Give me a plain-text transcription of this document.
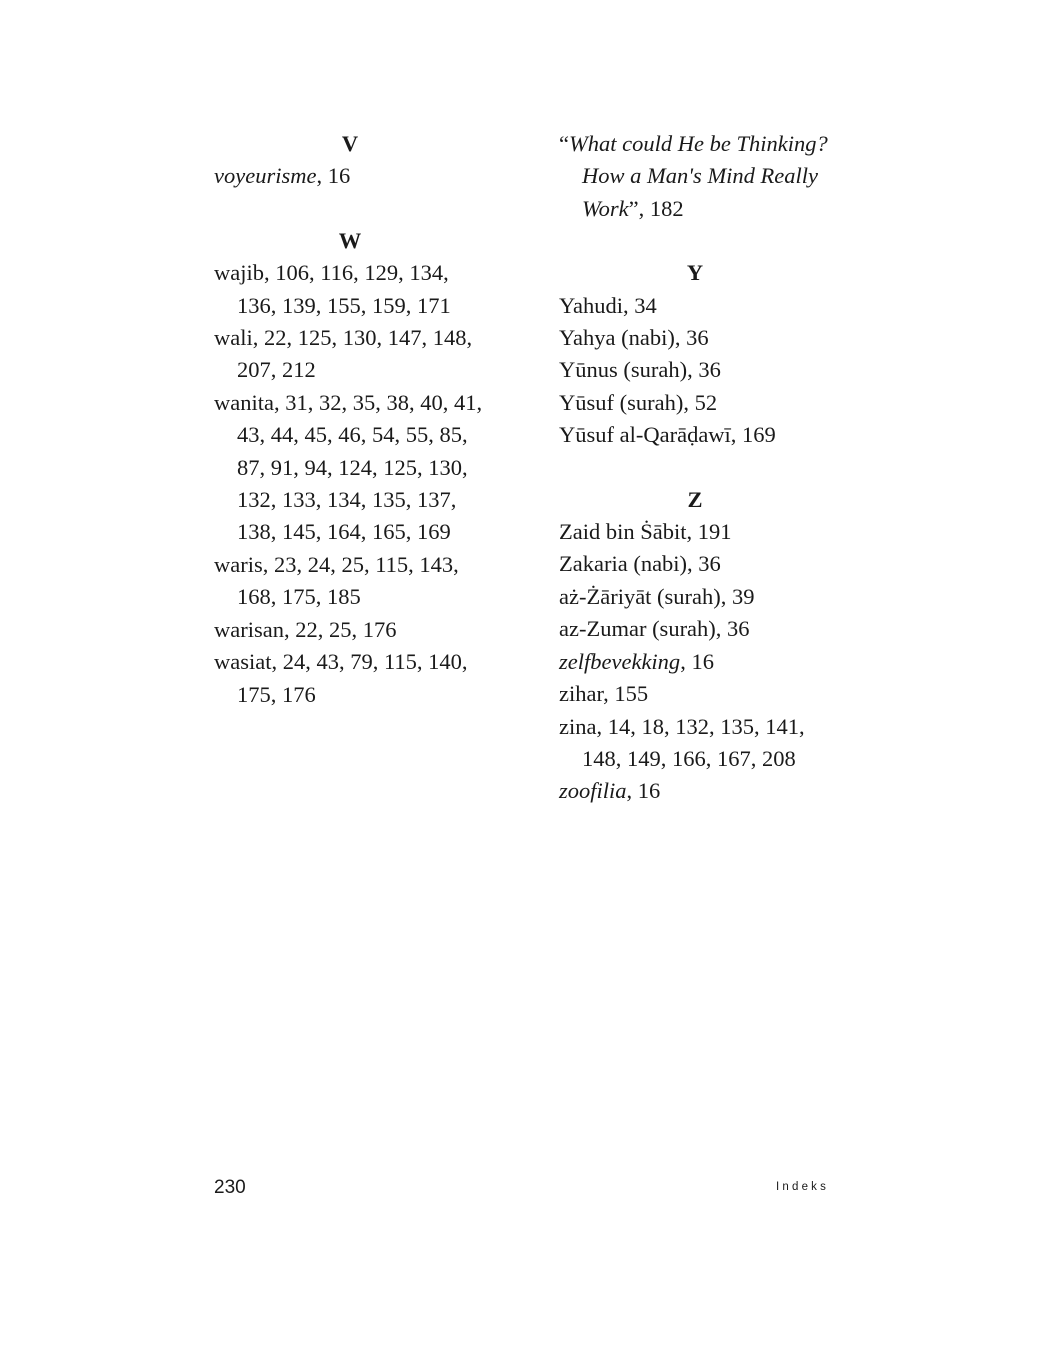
V
voyeurisme, 16
W
wajib, 106, 116, 129, 134, 136, 139, 155, 159, 171
wali, 22, 125, 130, 147, 148, 207, 212
wanita, 31, 32, 35, 38, 40, 41, 43, 44, 45, 46, 54, 55, 85, 87, 91, 94, 124, 125, 130, 132, 133, 134, 135, 137, 138, 145, 164, 165, 169
waris, 23, 24, 25, 115, 143, 168, 175, 185
warisan, 22, 25, 176
wasiat, 24, 43, 79, 115, 140, 175, 176
“What could He be Thinking? How a Man's Mind Really Work”, 182
Y
Yahudi, 34
Yahya (nabi), 36
Yūnus (surah), 36
Yūsuf (surah), 52
Yūsuf al-Qarāḍawī, 169
Z
Zaid bin Ṡābit, 191
Zakaria (nabi), 36
aż-Żāriyāt (surah), 39
az-Zumar (surah), 36
zelfbevekking, 16
zihar, 155
zina, 14, 18, 132, 135, 141, 148, 149, 166, 167, 208
zoofilia, 16
230	Indeks
